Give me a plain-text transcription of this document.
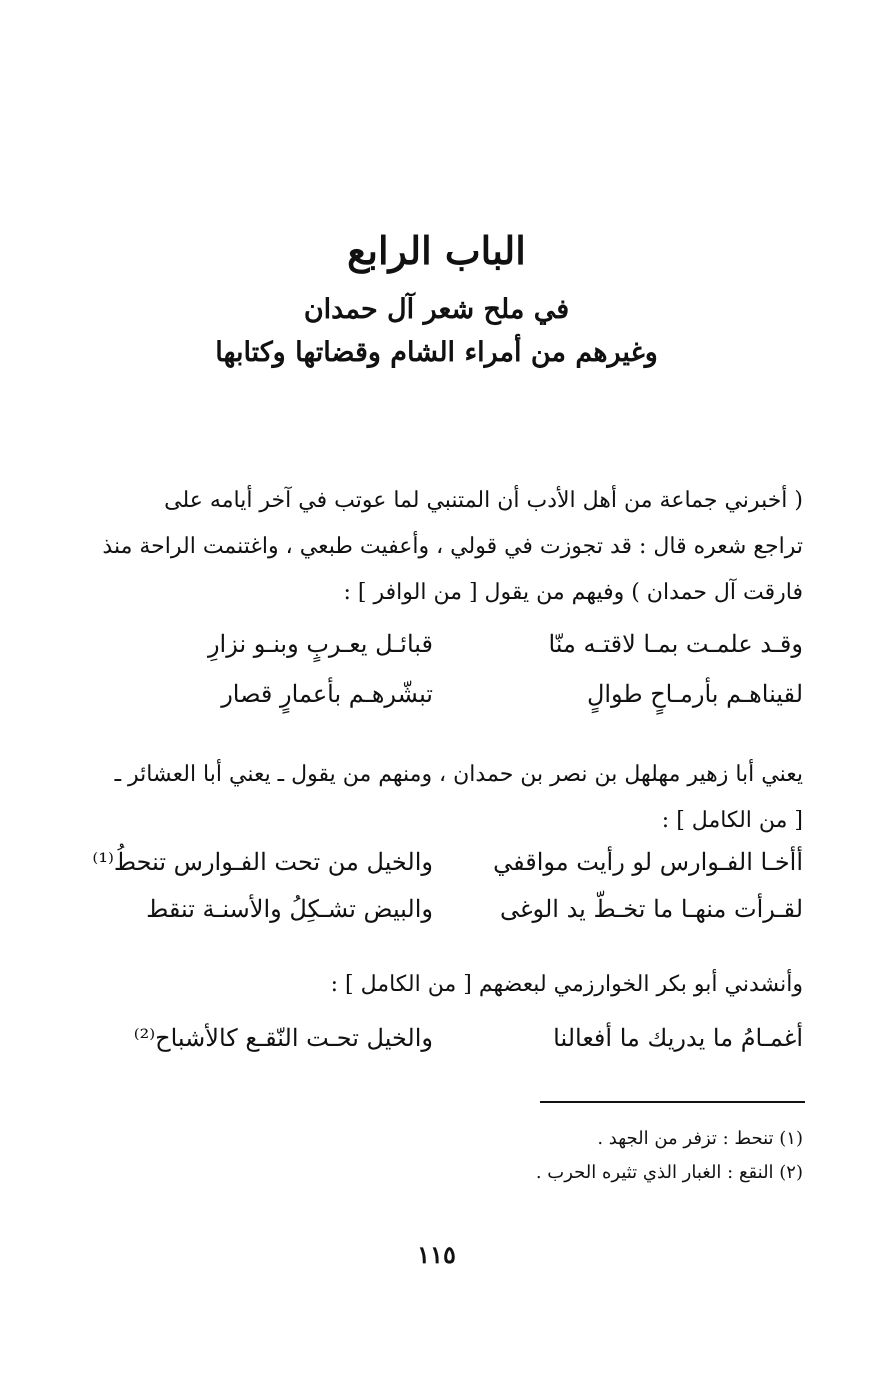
الباب الرابع
في ملح شعر آل حمدان
وغيرهم من أمراء الشام وقضاتها وكتابها
( أخبرني جماعة من أهل الأدب أن المتنبي لما عوتب في آخر أيامه على
تراجع شعره قال : قد تجوزت في قولي ، وأعفيت طبعي ، واغتنمت الراحة منذ
فارقت آل حمدان ) وفيهم من يقول [ من الوافر ] :
وقـد علمـت بمـا لاقتـه منّا
قبائـل يعـربٍ وبنـو نزارِ
لقيناهـم بأرمـاحٍ طوالٍ
تبشّرهـم بأعمارٍ قصار
يعني أبا زهير مهلهل بن نصر بن حمدان ، ومنهم من يقول ـ يعني أبا العشائر ـ
[ من الكامل ] :
أأخـا الفـوارس لو رأيت مواقفي
والخيل من تحت الفـوارس تنحطُ⁽¹⁾
لقـرأت منهـا ما تخـطّ يد الوغى
والبيض تشـكِلُ والأسنـة تنقط
وأنشدني أبو بكر الخوارزمي لبعضهم [ من الكامل ] :
أغمـامُ ما يدريك ما أفعالنا
والخيل تحـت النّقـع كالأشباح⁽²⁾
(١) تنحط : تزفر من الجهد .
(٢) النقع : الغبار الذي تثيره الحرب .
١١٥
